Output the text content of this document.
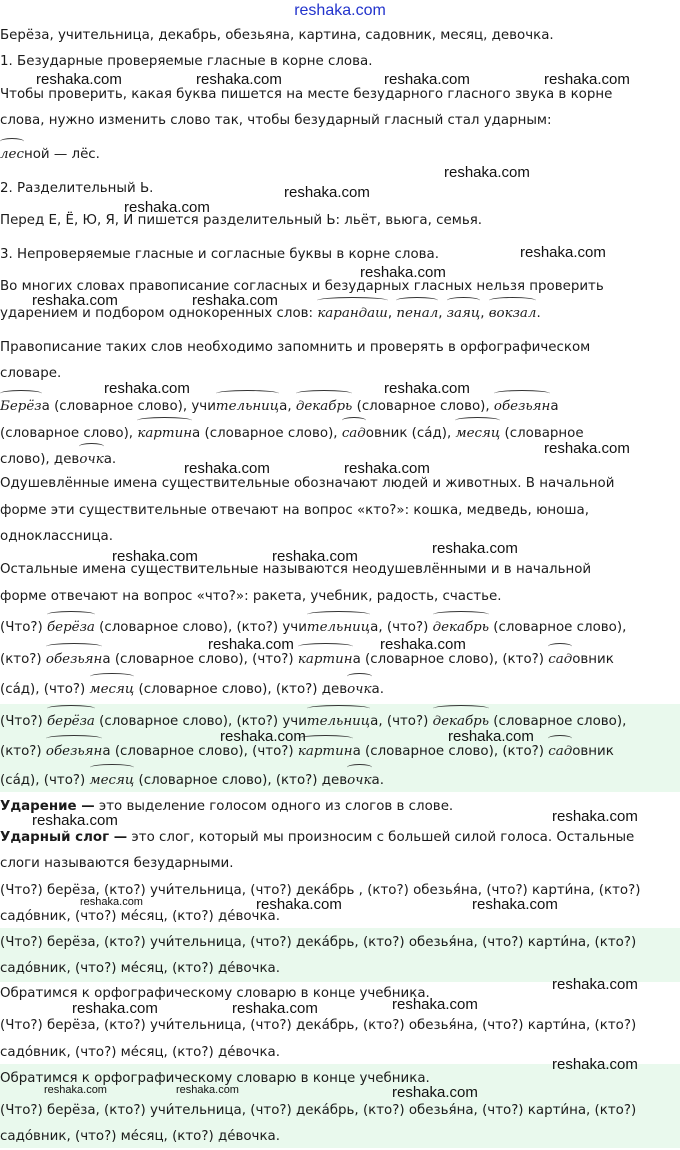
reshaka.com

Берёза, учительница, декабрь, обезьяна, картина, садовник, месяц, девочка.

1. Безударные проверяемые гласные в корне слова.

Чтобы проверить, какая буква пишется на месте безударного гласного звука в корне

слова, нужно изменить слово так, чтобы безударный гласный стал ударным:

лесной — лёс.

2. Разделительный Ь.

Перед Е, Ё, Ю, Я, И пишется разделительный Ь: льёт, вьюга, семья.

3. Непроверяемые гласные и согласные буквы в корне слова.

Во многих словах правописание согласных и безударных гласных нельзя проверить

ударением и подбором однокоренных слов: карандаш, пенал, заяц, вокзал.

Правописание таких слов необходимо запомнить и проверять в орфографическом

словаре.

Берёза (словарное слово), учительница, декабрь (словарное слово), обезьяна

(словарное слово), картина (словарное слово), садовник (са́д), месяц (словарное

слово), девочка.

Одушевлённые имена существительные обозначают людей и животных. В начальной

форме эти существительные отвечают на вопрос «кто?»: кошка, медведь, юноша,

одноклассница.

Остальные имена существительные называются неодушевлёнными и в начальной

форме отвечают на вопрос «что?»: ракета, учебник, радость, счастье.

(Что?) берёза (словарное слово), (кто?) учительница, (что?) декабрь (словарное слово),

(кто?) обезьяна (словарное слово), (что?) картина (словарное слово), (кто?) садовник

(са́д), (что?) месяц (словарное слово), (кто?) девочка.

(Что?) берёза (словарное слово), (кто?) учительница, (что?) декабрь (словарное слово),

(кто?) обезьяна (словарное слово), (что?) картина (словарное слово), (кто?) садовник

(са́д), (что?) месяц (словарное слово), (кто?) девочка.

Ударение — это выделение голосом одного из слогов в слове.

Ударный слог — это слог, который мы произносим с большей силой голоса. Остальные

слоги называются безударными.

(Что?) берёза, (кто?) учи́тельница, (что?) дека́брь , (кто?) обезья́на, (что?) карти́на, (кто?)

садо́вник, (что?) ме́сяц, (кто?) де́вочка.

(Что?) берёза, (кто?) учи́тельница, (что?) дека́брь, (кто?) обезья́на, (что?) карти́на, (кто?)

садо́вник, (что?) ме́сяц, (кто?) де́вочка.

Обратимся к орфографическому словарю в конце учебника.

(Что?) берёза, (кто?) учи́тельница, (что?) дека́брь, (кто?) обезья́на, (что?) карти́на, (кто?)

садо́вник, (что?) ме́сяц, (кто?) де́вочка.

Обратимся к орфографическому словарю в конце учебника.

(Что?) берёза, (кто?) учи́тельница, (что?) дека́брь, (кто?) обезья́на, (что?) карти́на, (кто?)

садо́вник, (что?) ме́сяц, (кто?) де́вочка.

reshaka.com	reshaka.com	reshaka.com	reshaka.com
reshaka.com
reshaka.com
reshaka.com
reshaka.com
reshaka.com
reshaka.com	reshaka.com
reshaka.com	reshaka.com
reshaka.com
reshaka.com	reshaka.com
reshaka.com
reshaka.com	reshaka.com
reshaka.com	reshaka.com
reshaka.com	reshaka.com
reshaka.com
reshaka.com
reshaka.com	reshaka.com
reshaka.com
reshaka.com
reshaka.com	reshaka.com	reshaka.com
reshaka.com
reshaka.com	reshaka.com	reshaka.com
